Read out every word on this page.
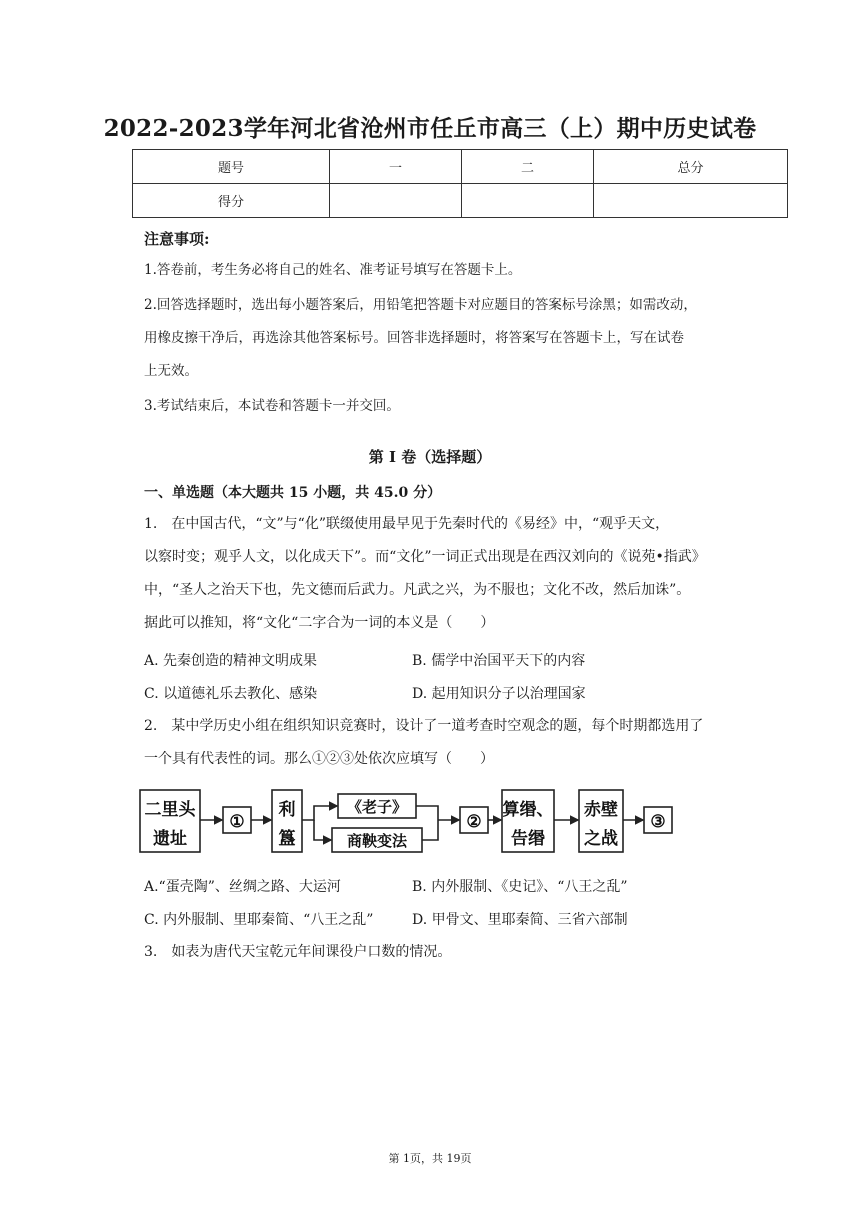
2022-2023学年河北省沧州市任丘市高三（上）期中历史试卷
题号	一	二	总分
得分			
注意事项:
1.答卷前，考生务必将自己的姓名、准考证号填写在答题卡上。
2.回答选择题时，选出每小题答案后，用铅笔把答题卡对应题目的答案标号涂黑；如需改动，
用橡皮擦干净后，再选涂其他答案标号。回答非选择题时，将答案写在答题卡上，写在试卷
上无效。
3.考试结束后，本试卷和答题卡一并交回。
第 I 卷（选择题）
一、单选题（本大题共 15 小题，共 45.0 分）
1.　在中国古代，“文”与“化”联缀使用最早见于先秦时代的《易经》中，“观乎天文，
以察时变；观乎人文，以化成天下”。而“文化”一词正式出现是在西汉刘向的《说苑•指武》
中，“圣人之治天下也，先文德而后武力。凡武之兴，为不服也；文化不改，然后加诛”。
据此可以推知，将“文化“二字合为一词的本义是（　　）
A. 先秦创造的精神文明成果	B. 儒学中治国平天下的内容
C. 以道德礼乐去教化、感染	D. 起用知识分子以治理国家
2.　某中学历史小组在组织知识竞赛时，设计了一道考查时空观念的题，每个时期都选用了
一个具有代表性的词。那么①②③处依次应填写（　　）
二里头
遗址
①
利
簋
《老子》
商鞅变法
②
算缗、
告缗
赤壁
之战
③
A.“蛋壳陶”、丝绸之路、大运河	B. 内外服制、《史记》、“八王之乱”
C. 内外服制、里耶秦简、“八王之乱”	D. 甲骨文、里耶秦简、三省六部制
3.　如表为唐代天宝乾元年间课役户口数的情况。
第 1页，共 19页
